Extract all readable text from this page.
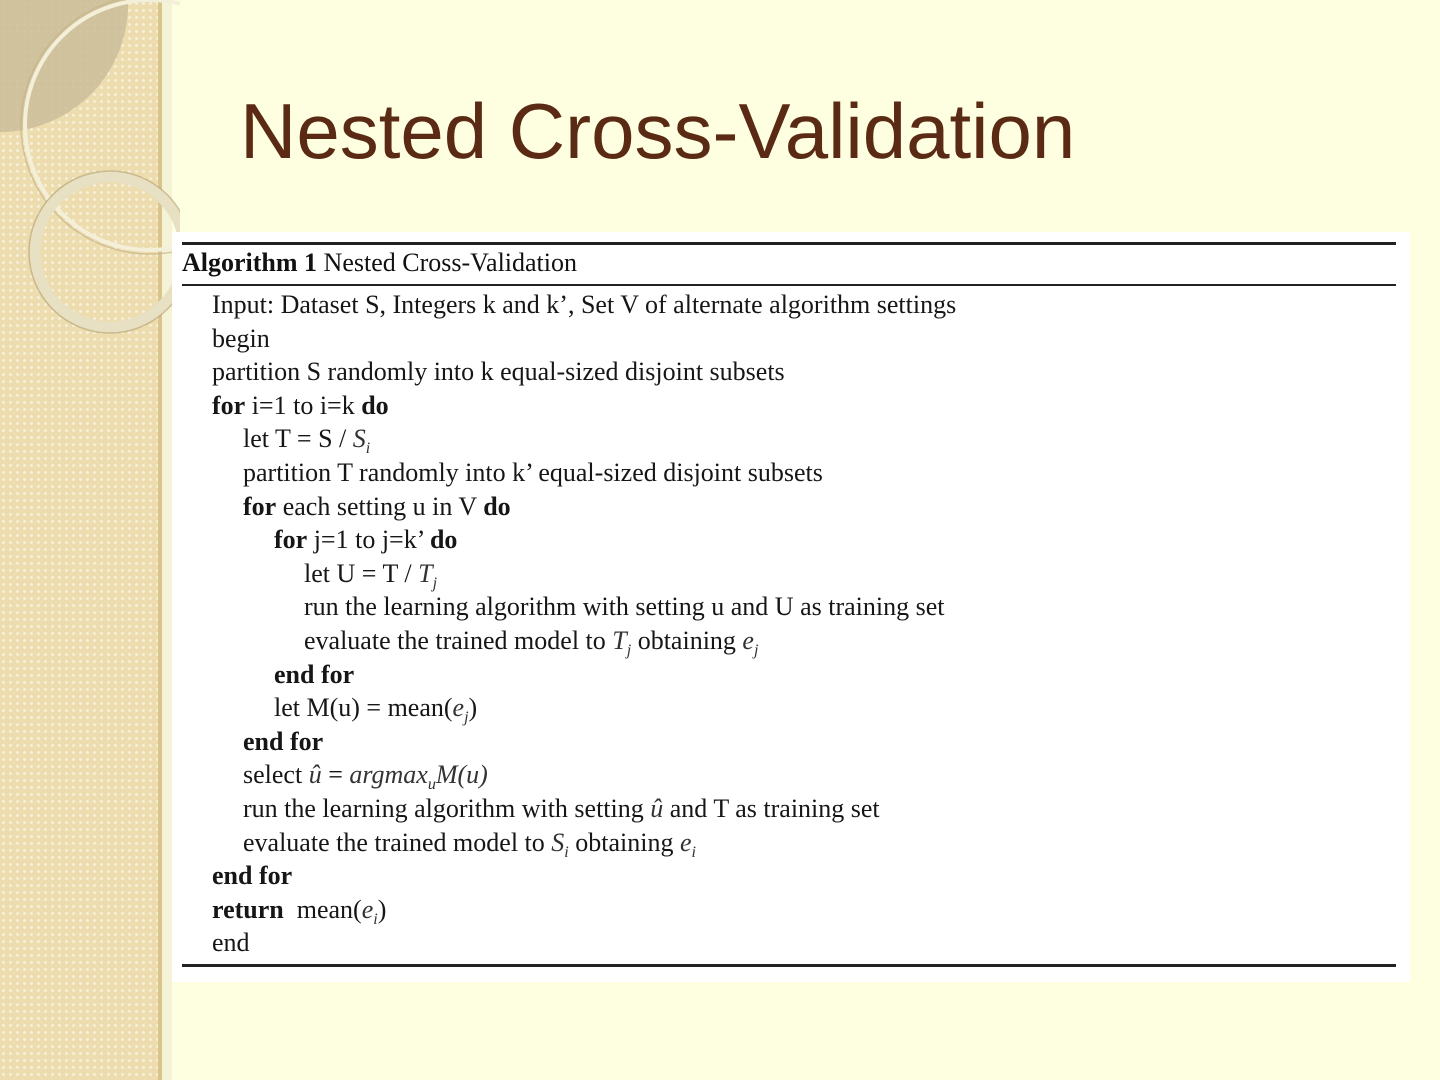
Nested Cross-Validation
Algorithm 1 Nested Cross-Validation
Input: Dataset S, Integers k and k’, Set V of alternate algorithm settings
begin
partition S randomly into k equal-sized disjoint subsets
for i=1 to i=k do
let $T = S / S_i$
partition T randomly into k’ equal-sized disjoint subsets
for each setting u in V do
for j=1 to j=k’ do
let $U = T / T_j$
run the learning algorithm with setting u and U as training set
evaluate the trained model to $T_j$ obtaining $e_j$
end for
let $M(u) = mean(e_j)$
end for
select û = argmax$_u$M(u)
run the learning algorithm with setting û and T as training set
evaluate the trained model to $S_i$ obtaining $e_i$
end for
return  $mean(e_i)$
end
